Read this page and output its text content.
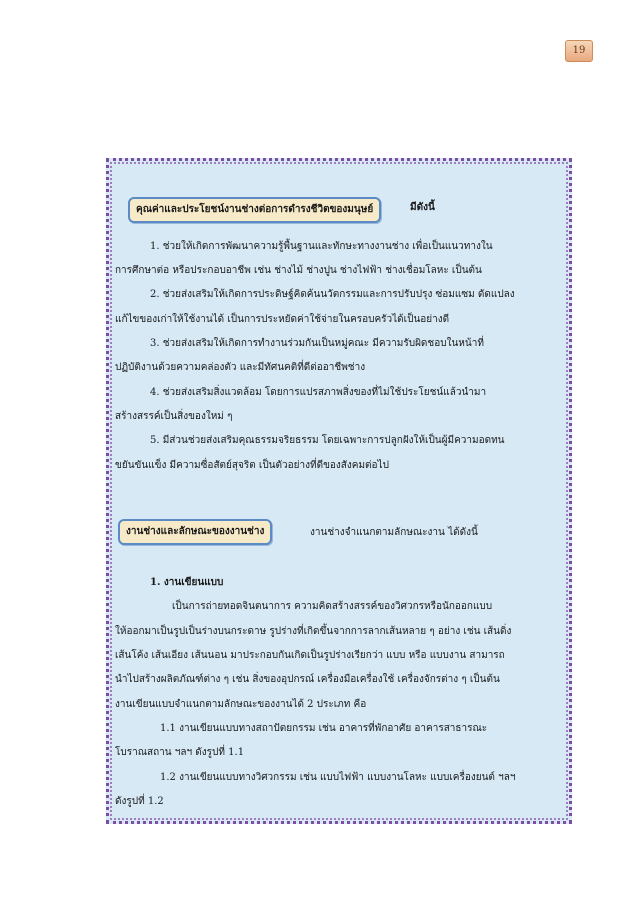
19
คุณค่าและประโยชน์งานช่างต่อการดำรงชีวิตของมนุษย์	มีดังนี้
1. ช่วยให้เกิดการพัฒนาความรู้พื้นฐานและทักษะทางงานช่าง เพื่อเป็นแนวทางใน
การศึกษาต่อ หรือประกอบอาชีพ เช่น ช่างไม้ ช่างปูน ช่างไฟฟ้า ช่างเชื่อมโลหะ เป็นต้น
2. ช่วยส่งเสริมให้เกิดการประดิษฐ์คิดค้นนวัตกรรมและการปรับปรุง ซ่อมแซม ดัดแปลง
แก้ไขของเก่าให้ใช้งานได้ เป็นการประหยัดค่าใช้จ่ายในครอบครัวได้เป็นอย่างดี
3. ช่วยส่งเสริมให้เกิดการทำงานร่วมกันเป็นหมู่คณะ มีความรับผิดชอบในหน้าที่
ปฏิบัติงานด้วยความคล่องตัว และมีทัศนคติที่ดีต่ออาชีพช่าง
4. ช่วยส่งเสริมสิ่งแวดล้อม โดยการแปรสภาพสิ่งของที่ไม่ใช้ประโยชน์แล้วนำมา
สร้างสรรค์เป็นสิ่งของใหม่ ๆ
5. มีส่วนช่วยส่งเสริมคุณธรรมจริยธรรม โดยเฉพาะการปลูกฝังให้เป็นผู้มีความอดทน
ขยันขันแข็ง มีความซื่อสัตย์สุจริต เป็นตัวอย่างที่ดีของสังคมต่อไป
งานช่างและลักษณะของงานช่าง	งานช่างจำแนกตามลักษณะงาน ได้ดังนี้
1. งานเขียนแบบ
เป็นการถ่ายทอดจินตนาการ ความคิดสร้างสรรค์ของวิศวกรหรือนักออกแบบ
ให้ออกมาเป็นรูปเป็นร่างบนกระดาษ รูปร่างที่เกิดขึ้นจากการลากเส้นหลาย ๆ อย่าง เช่น เส้นดิ่ง
เส้นโค้ง เส้นเอียง เส้นนอน มาประกอบกันเกิดเป็นรูปร่างเรียกว่า แบบ หรือ แบบงาน สามารถ
นำไปสร้างผลิตภัณฑ์ต่าง ๆ เช่น สิ่งของอุปกรณ์ เครื่องมือเครื่องใช้ เครื่องจักรต่าง ๆ เป็นต้น
งานเขียนแบบจำแนกตามลักษณะของงานได้ 2 ประเภท คือ
1.1 งานเขียนแบบทางสถาปัตยกรรม เช่น อาคารที่พักอาศัย อาคารสาธารณะ
โบราณสถาน ฯลฯ ดังรูปที่ 1.1
1.2 งานเขียนแบบทางวิศวกรรม เช่น แบบไฟฟ้า แบบงานโลหะ แบบเครื่องยนต์ ฯลฯ
ดังรูปที่ 1.2
